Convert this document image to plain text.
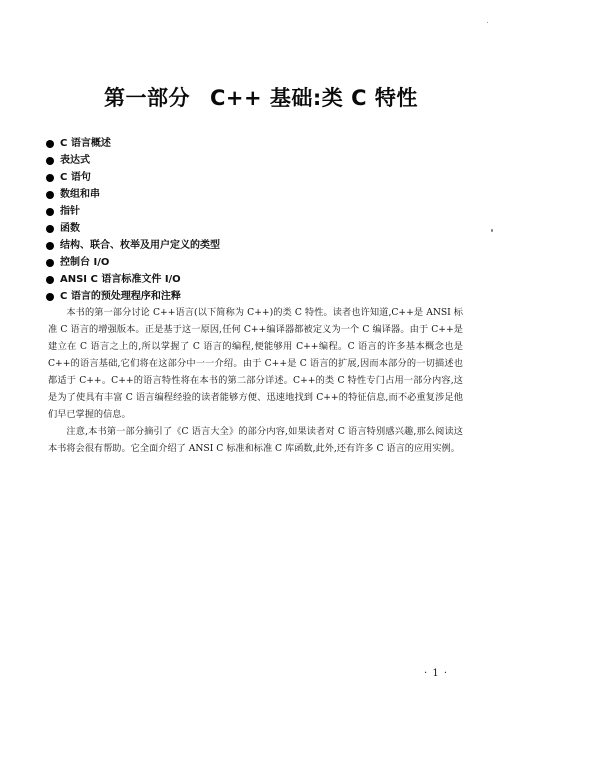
第一部分 C++ 基础:类 C 特性
C 语言概述
表达式
C 语句
数组和串
指针
函数
结构、联合、枚举及用户定义的类型
控制台 I/O
ANSI C 语言标准文件 I/O
C 语言的预处理程序和注释

本书的第一部分讨论 C++语言(以下简称为 C++)的类 C 特性。读者也许知道,C++是 ANSI 标准 C 语言的增强版本。正是基于这一原因,任何 C++编译器都被定义为一个 C 编译器。由于 C++是建立在 C 语言之上的,所以掌握了 C 语言的编程,便能够用 C++编程。C 语言的许多基本概念也是 C++的语言基础,它们将在这部分中一一介绍。由于 C++是 C 语言的扩展,因而本部分的一切描述也都适于 C++。C++的语言特性将在本书的第二部分详述。C++的类 C 特性专门占用一部分内容,这是为了使具有丰富 C 语言编程经验的读者能够方便、迅速地找到 C++的特征信息,而不必重复涉足他们早已掌握的信息。

注意,本书第一部分摘引了《C 语言大全》的部分内容,如果读者对 C 语言特别感兴趣,那么阅读这本书将会很有帮助。它全面介绍了 ANSI C 标准和标准 C 库函数,此外,还有许多 C 语言的应用实例。

· 1 ·
